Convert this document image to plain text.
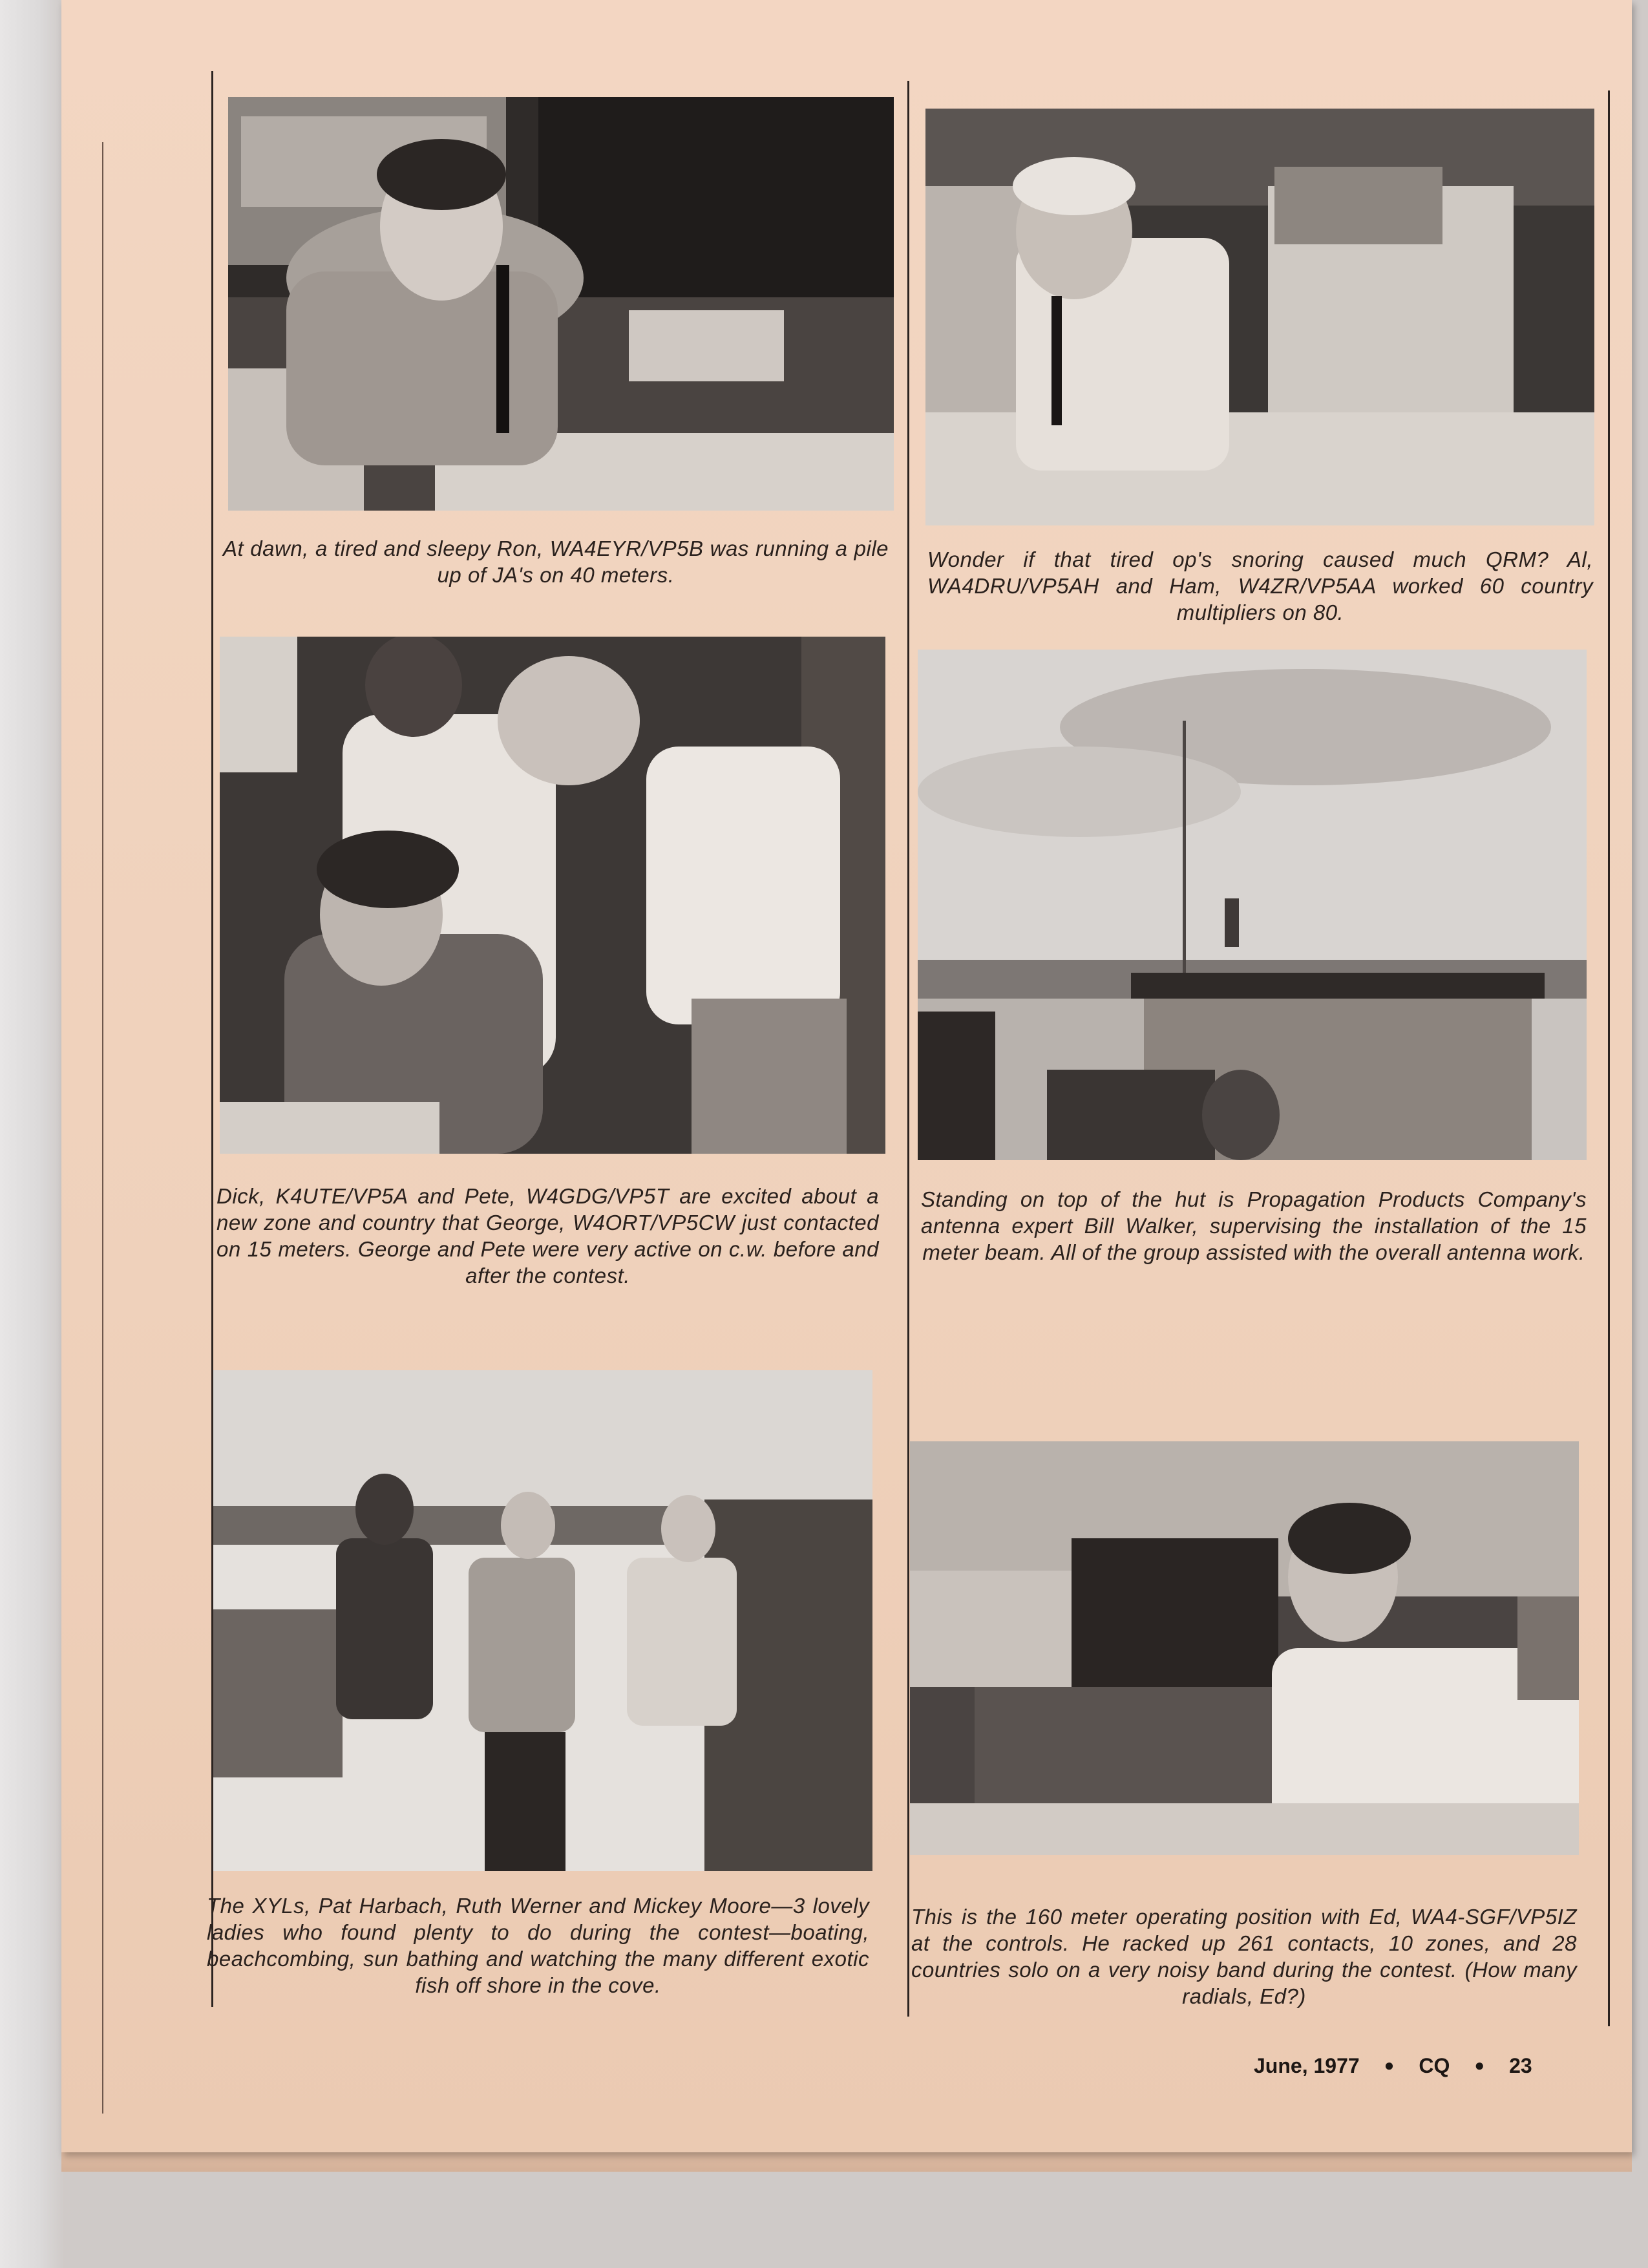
At dawn, a tired and sleepy Ron, WA4EYR/VP5B was running a pile up of JA's on 40 meters.

Wonder if that tired op's snoring caused much QRM? Al, WA4DRU/VP5AH and Ham, W4ZR/VP5AA worked 60 country multipliers on 80.

Dick, K4UTE/VP5A and Pete, W4GDG/VP5T are excited about a new zone and country that George, W4ORT/VP5CW just contacted on 15 meters. George and Pete were very active on c.w. before and after the contest.

Standing on top of the hut is Propagation Products Company's antenna expert Bill Walker, supervising the installation of the 15 meter beam. All of the group assisted with the overall antenna work.

The XYLs, Pat Harbach, Ruth Werner and Mickey Moore—3 lovely ladies who found plenty to do during the contest—boating, beachcombing, sun bathing and watching the many different exotic fish off shore in the cove.

This is the 160 meter operating position with Ed, WA4-SGF/VP5IZ at the controls. He racked up 261 contacts, 10 zones, and 28 countries solo on a very noisy band during the contest. (How many radials, Ed?)

June, 1977 ● CQ ● 23
